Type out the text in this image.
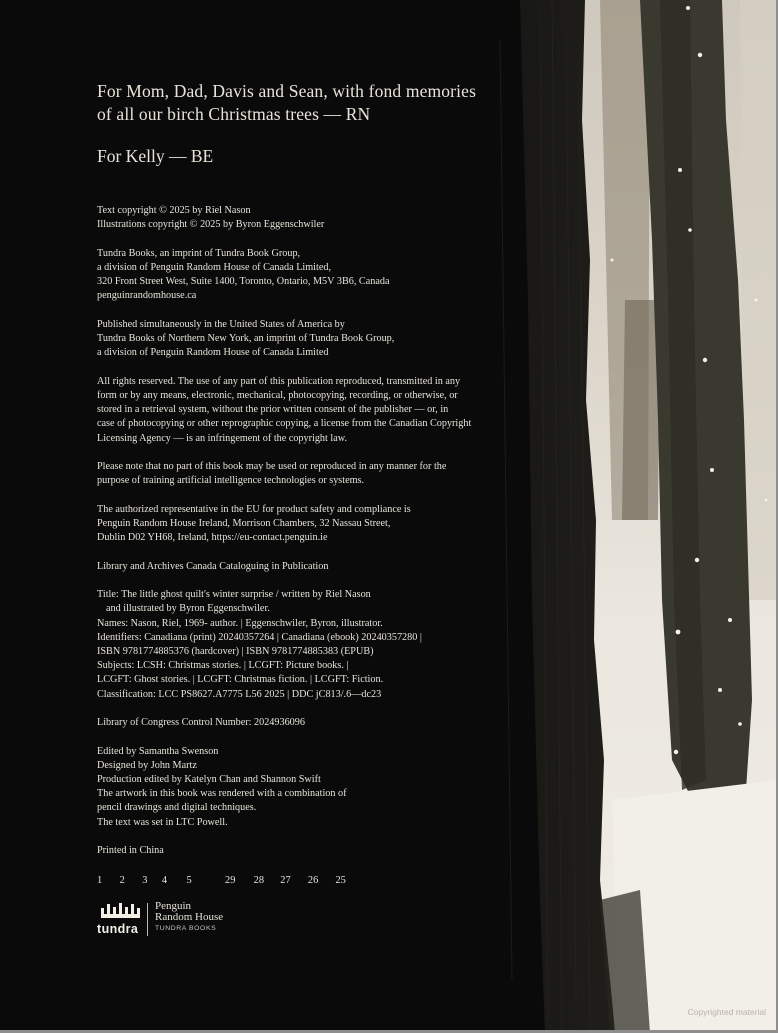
For Mom, Dad, Davis and Sean, with fond memories
of all our birch Christmas trees — RN
For Kelly — BE
Text copyright © 2025 by Riel Nason
Illustrations copyright © 2025 by Byron Eggenschwiler
Tundra Books, an imprint of Tundra Book Group,
a division of Penguin Random House of Canada Limited,
320 Front Street West, Suite 1400, Toronto, Ontario, M5V 3B6, Canada
penguinrandomhouse.ca
Published simultaneously in the United States of America by
Tundra Books of Northern New York, an imprint of Tundra Book Group,
a division of Penguin Random House of Canada Limited
All rights reserved. The use of any part of this publication reproduced, transmitted in any
form or by any means, electronic, mechanical, photocopying, recording, or otherwise, or
stored in a retrieval system, without the prior written consent of the publisher — or, in
case of photocopying or other reprographic copying, a license from the Canadian Copyright
Licensing Agency — is an infringement of the copyright law.
Please note that no part of this book may be used or reproduced in any manner for the
purpose of training artificial intelligence technologies or systems.
The authorized representative in the EU for product safety and compliance is
Penguin Random House Ireland, Morrison Chambers, 32 Nassau Street,
Dublin D02 YH68, Ireland, https://eu-contact.penguin.ie
Library and Archives Canada Cataloguing in Publication
Title: The little ghost quilt's winter surprise / written by Riel Nason
and illustrated by Byron Eggenschwiler.
Names: Nason, Riel, 1969- author. | Eggenschwiler, Byron, illustrator.
Identifiers: Canadiana (print) 20240357264 | Canadiana (ebook) 20240357280 |
ISBN 9781774885376 (hardcover) | ISBN 9781774885383 (EPUB)
Subjects: LCSH: Christmas stories. | LCGFT: Picture books. |
LCGFT: Ghost stories. | LCGFT: Christmas fiction. | LCGFT: Fiction.
Classification: LCC PS8627.A7775 L56 2025 | DDC jC813/.6—dc23
Library of Congress Control Number: 2024936096
Edited by Samantha Swenson
Designed by John Martz
Production edited by Katelyn Chan and Shannon Swift
The artwork in this book was rendered with a combination of
pencil drawings and digital techniques.
The text was set in LTC Powell.
Printed in China
1 2 3 4 5	29 28 27 26 25
tundra
Penguin
Random House
TUNDRA BOOKS
Copyrighted material
